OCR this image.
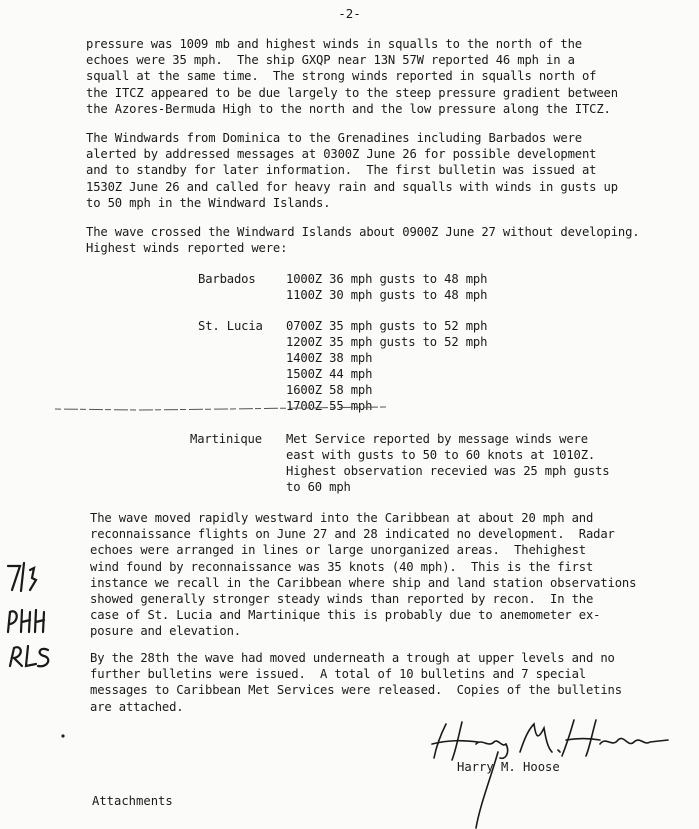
-2-

pressure was 1009 mb and highest winds in squalls to the north of the
echoes were 35 mph.  The ship GXQP near 13N 57W reported 46 mph in a
squall at the same time.  The strong winds reported in squalls north of
the ITCZ appeared to be due largely to the steep pressure gradient between
the Azores-Bermuda High to the north and the low pressure along the ITCZ.

The Windwards from Dominica to the Grenadines including Barbados were
alerted by addressed messages at 0300Z June 26 for possible development
and to standby for later information.  The first bulletin was issued at
1530Z June 26 and called for heavy rain and squalls with winds in gusts up
to 50 mph in the Windward Islands.

The wave crossed the Windward Islands about 0900Z June 27 without developing.
Highest winds reported were:

Barbados	1000Z 36 mph gusts to 48 mph
1100Z 30 mph gusts to 48 mph
St. Lucia 0700Z 35 mph gusts to 52 mph
1200Z 35 mph gusts to 52 mph
1400Z 38 mph
1500Z 44 mph
1600Z 58 mph
1700Z 55 mph
Martinique Met Service reported by message winds were
east with gusts to 50 to 60 knots at 1010Z.
Highest observation recevied was 25 mph gusts
to 60 mph

The wave moved rapidly westward into the Caribbean at about 20 mph and
reconnaissance flights on June 27 and 28 indicated no development.  Radar
echoes were arranged in lines or large unorganized areas.  Thehighest
wind found by reconnaissance was 35 knots (40 mph).  This is the first
instance we recall in the Caribbean where ship and land station observations
showed generally stronger steady winds than reported by recon.  In the
case of St. Lucia and Martinique this is probably due to anemometer ex-
posure and elevation.

By the 28th the wave had moved underneath a trough at upper levels and no
further bulletins were issued.  A total of 10 bulletins and 7 special
messages to Caribbean Met Services were released.  Copies of the bulletins
are attached.

Harry M. Hoose
Attachments
